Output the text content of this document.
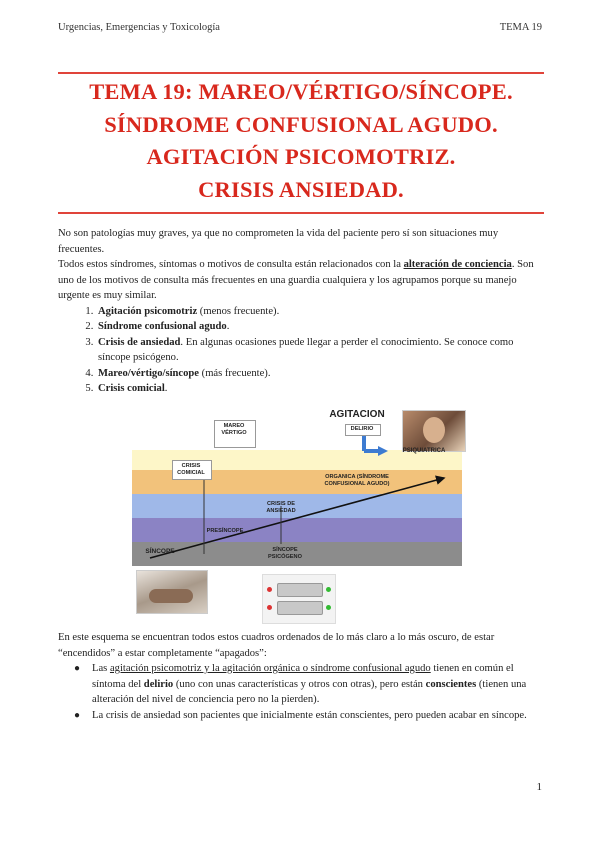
Urgencias, Emergencias y Toxicología	TEMA 19
TEMA 19: MAREO/VÉRTIGO/SÍNCOPE.
SÍNDROME CONFUSIONAL AGUDO.
AGITACIÓN PSICOMOTRIZ.
CRISIS ANSIEDAD.

No son patologías muy graves, ya que no comprometen la vida del paciente pero sí son situaciones muy frecuentes.

Todos estos síndromes, síntomas o motivos de consulta están relacionados con la alteración de conciencia. Son uno de los motivos de consulta más frecuentes en una guardia cualquiera y los agrupamos porque su manejo urgente es muy similar.

1. Agitación psicomotriz (menos frecuente).
2. Síndrome confusional agudo.
3. Crisis de ansiedad. En algunas ocasiones puede llegar a perder el conocimiento. Se conoce como síncope psicógeno.
4. Mareo/vértigo/síncope (más frecuente).
5. Crisis comicial.
MAREO
VÉRTIGO
AGITACION
DELIRIO
PSIQUIATRICA
ORGANICA (SÍNDROME
CONFUSIONAL AGUDO)
CRISIS
COMICIAL
CRISIS DE
ANSIEDAD
PRESÍNCOPE
SÍNCOPE	SÍNCOPE
PSICÓGENO

En este esquema se encuentran todos estos cuadros ordenados de lo más claro a lo más oscuro, de estar “encendidos” a estar completamente “apagados”:

● Las agitación psicomotriz y la agitación orgánica o síndrome confusional agudo tienen en común el síntoma del delirio (uno con unas características y otros con otras), pero están conscientes (tienen una alteración del nivel de conciencia pero no la pierden).
● La crisis de ansiedad son pacientes que inicialmente están conscientes, pero pueden acabar en síncope.
1
